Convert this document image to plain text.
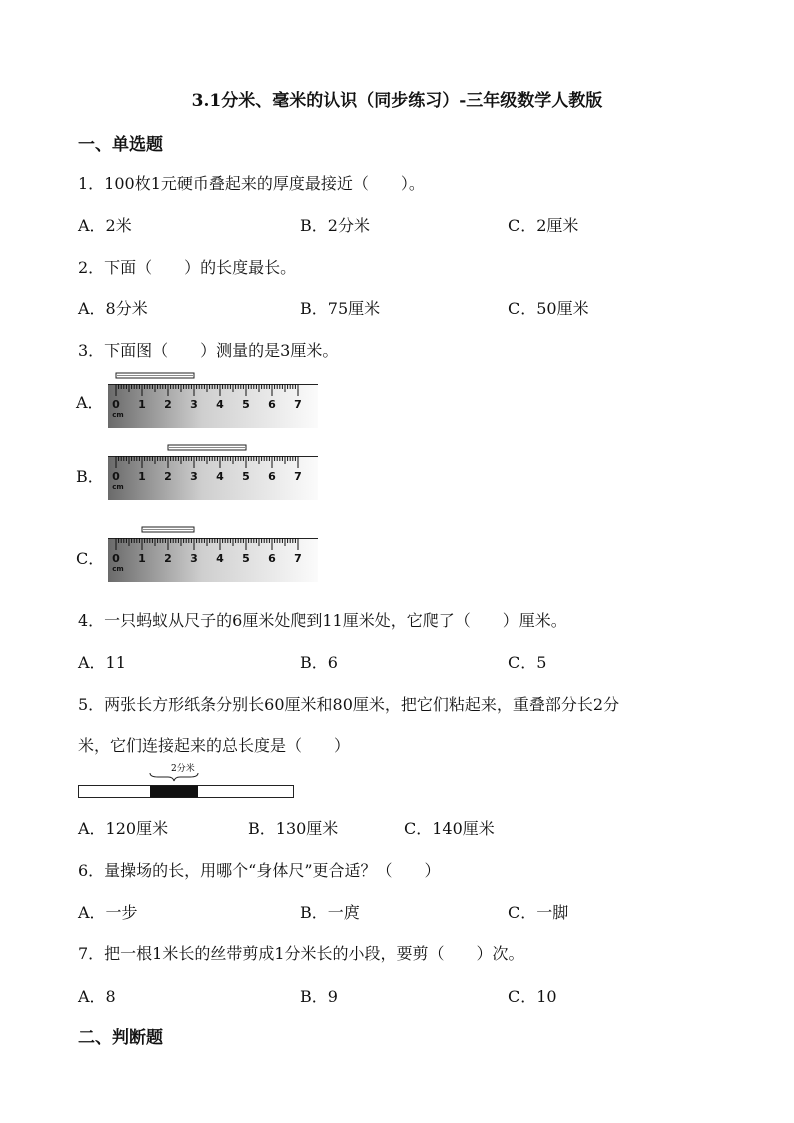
3.1分米、毫米的认识（同步练习）-三年级数学人教版
一、单选题
1．100枚1元硬币叠起来的厚度最接近（　　）。
A．2米	B．2分米	C．2厘米
2．下面（　　）的长度最长。
A．8分米	B．75厘米	C．50厘米
3．下面图（　　）测量的是3厘米。
A．
B．
C．
0 1 2 3 4 5 6 7
cm
0 1 2 3 4 5 6 7
cm
0 1 2 3 4 5 6 7
cm
4．一只蚂蚁从尺子的6厘米处爬到11厘米处，它爬了（　　）厘米。
A．11	B．6	C．5
5．两张长方形纸条分别长60厘米和80厘米，把它们粘起来，重叠部分长2分
米，它们连接起来的总长度是（　　）
2分米
A．120厘米	B．130厘米	C．140厘米
6．量操场的长，用哪个“身体尺”更合适？（　　）
A．一步	B．一庹	C．一脚
7．把一根1米长的丝带剪成1分米长的小段，要剪（　　）次。
A．8	B．9	C．10
二、判断题
